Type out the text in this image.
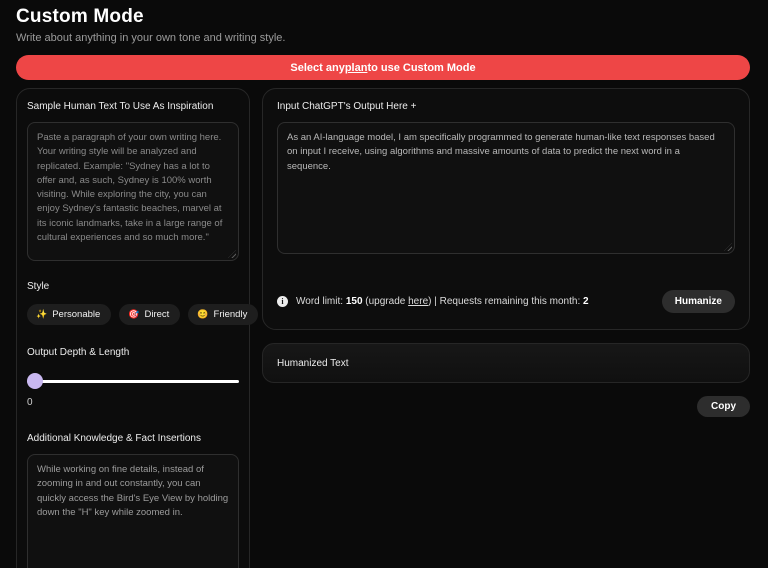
Custom Mode

Write about anything in your own tone and writing style.

Select any plan to use Custom Mode
Sample Human Text To Use As Inspiration
Paste a paragraph of your own writing here. Your writing style will be analyzed and replicated. Example: "Sydney has a lot to offer and, as such, Sydney is 100% worth visiting. While exploring the city, you can enjoy Sydney's fantastic beaches, marvel at its iconic landmarks, take in a large range of cultural experiences and so much more."
Style
✨ Personable	🎯 Direct	😊 Friendly
Output Depth & Length
0
Additional Knowledge & Fact Insertions
While working on fine details, instead of zooming in and out constantly, you can quickly access the Bird's Eye View by holding down the "H" key while zoomed in.
Input ChatGPT's Output Here +
As an AI-language model, I am specifically programmed to generate human-like text responses based on input I receive, using algorithms and massive amounts of data to predict the next word in a sequence.
i	Word limit: 150 (upgrade here) | Requests remaining this month: 2	Humanize
Humanized Text
Copy
